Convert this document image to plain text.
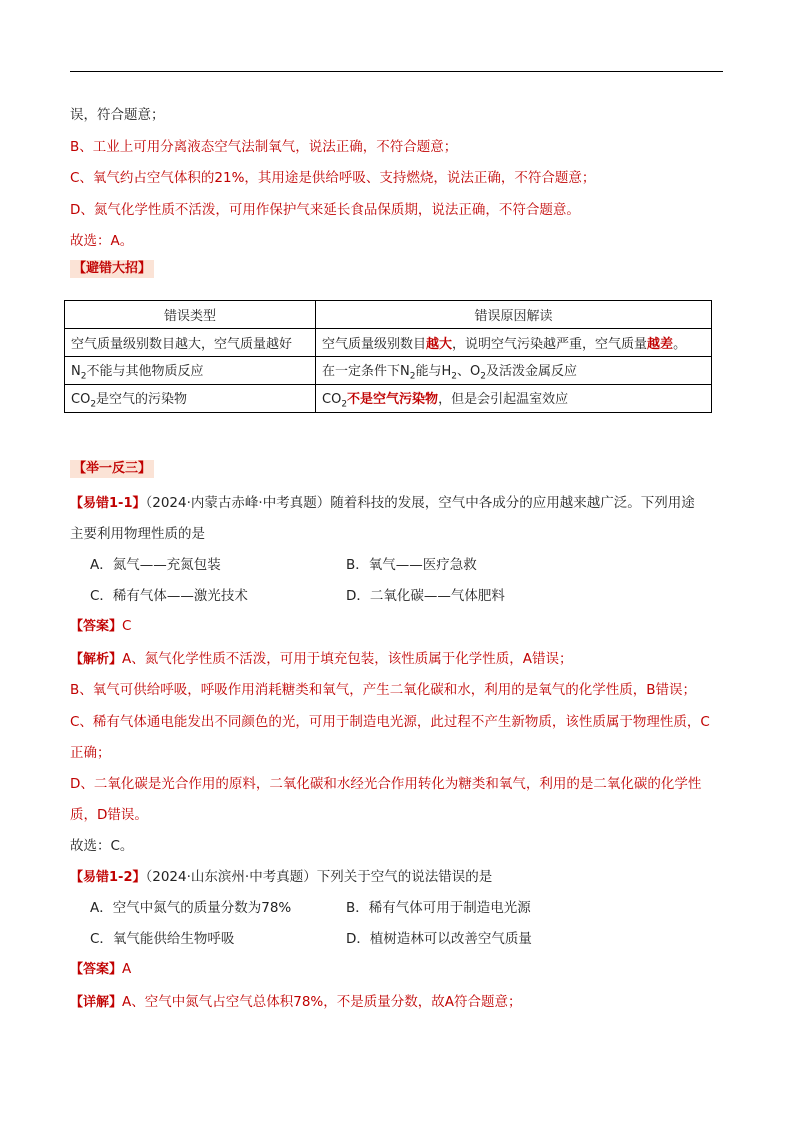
误，符合题意；
B、工业上可用分离液态空气法制氧气，说法正确，不符合题意；
C、氧气约占空气体积的21%，其用途是供给呼吸、支持燃烧，说法正确，不符合题意；
D、氮气化学性质不活泼，可用作保护气来延长食品保质期，说法正确，不符合题意。
故选：A。
【避错大招】
错误类型	错误原因解读
空气质量级别数目越大，空气质量越好	空气质量级别数目越大，说明空气污染越严重，空气质量越差。
$N_2$不能与其他物质反应	在一定条件下$N_2$能与$H_2$、$O_2$及活泼金属反应
$CO_2$是空气的污染物	$CO_2$不是空气污染物，但是会引起温室效应
【举一反三】
【易错1-1】（2024·内蒙古赤峰·中考真题）随着科技的发展，空气中各成分的应用越来越广泛。下列用途
主要利用物理性质的是
A．氮气——充氮包装	B．氧气——医疗急救
C．稀有气体——激光技术	D．二氧化碳——气体肥料
【答案】C
【解析】A、氮气化学性质不活泼，可用于填充包装，该性质属于化学性质，A错误；
B、氧气可供给呼吸，呼吸作用消耗糖类和氧气，产生二氧化碳和水，利用的是氧气的化学性质，B错误；
C、稀有气体通电能发出不同颜色的光，可用于制造电光源，此过程不产生新物质，该性质属于物理性质，C
正确；
D、二氧化碳是光合作用的原料，二氧化碳和水经光合作用转化为糖类和氧气，利用的是二氧化碳的化学性
质，D错误。
故选：C。
【易错1-2】（2024·山东滨州·中考真题）下列关于空气的说法错误的是
A．空气中氮气的质量分数为78%	B．稀有气体可用于制造电光源
C．氧气能供给生物呼吸	D．植树造林可以改善空气质量
【答案】A
【详解】A、空气中氮气占空气总体积78%，不是质量分数，故A符合题意；
